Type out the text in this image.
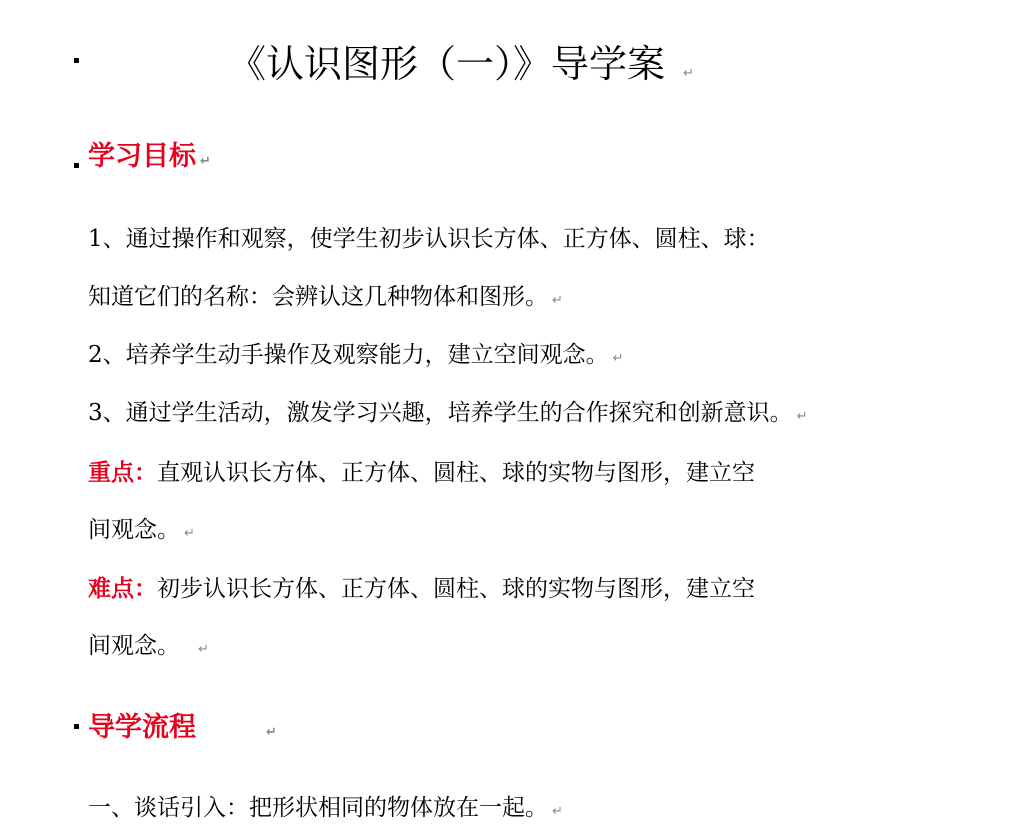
《认识图形（一）》导学案 ↵
学习目标 ↵
1、通过操作和观察，使学生初步认识长方体、正方体、圆柱、球：
知道它们的名称：会辨认这几种物体和图形。 ↵
2、培养学生动手操作及观察能力，建立空间观念。 ↵
3、通过学生活动，激发学习兴趣，培养学生的合作探究和创新意识。 ↵
重点：直观认识长方体、正方体、圆柱、球的实物与图形，建立空
间观念。 ↵
难点：初步认识长方体、正方体、圆柱、球的实物与图形，建立空
间观念。 ↵
导学流程	↵
一、谈话引入：把形状相同的物体放在一起。 ↵
